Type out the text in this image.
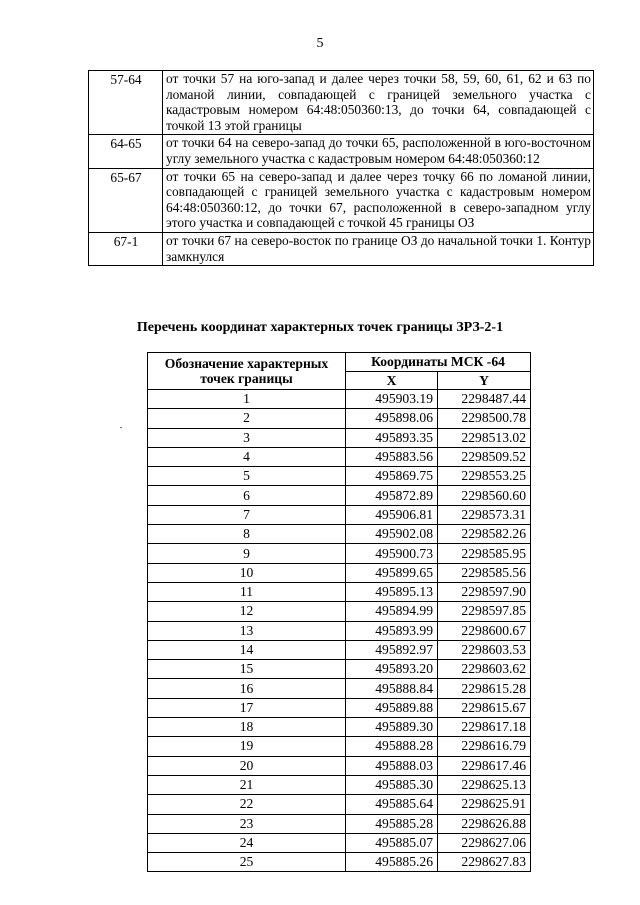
5
57-64	от точки 57 на юго-запад и далее через точки 58, 59, 60, 61, 62 и 63 по ломаной линии, совпадающей с границей земельного участка с кадастровым номером 64:48:050360:13, до точки 64, совпадающей с точкой 13 этой границы
64-65	от точки 64 на северо-запад до точки 65, расположенной в юго-восточном углу земельного участка с кадастровым номером 64:48:050360:12
65-67	от точки 65 на северо-запад и далее через точку 66 по ломаной линии, совпадающей с границей земельного участка с кадастровым номером 64:48:050360:12, до точки 67, расположенной в северо-западном углу этого участка и совпадающей с точкой 45 границы ОЗ
67-1	от точки 67 на северо-восток по границе ОЗ до начальной точки 1. Контур замкнулся
Перечень координат характерных точек границы ЗРЗ-2-1
Обозначение характерных точек границы	Координаты МСК -64	
	X	Y
1	495903.19	2298487.44
2	495898.06	2298500.78
3	495893.35	2298513.02
4	495883.56	2298509.52
5	495869.75	2298553.25
6	495872.89	2298560.60
7	495906.81	2298573.31
8	495902.08	2298582.26
9	495900.73	2298585.95
10	495899.65	2298585.56
11	495895.13	2298597.90
12	495894.99	2298597.85
13	495893.99	2298600.67
14	495892.97	2298603.53
15	495893.20	2298603.62
16	495888.84	2298615.28
17	495889.88	2298615.67
18	495889.30	2298617.18
19	495888.28	2298616.79
20	495888.03	2298617.46
21	495885.30	2298625.13
22	495885.64	2298625.91
23	495885.28	2298626.88
24	495885.07	2298627.06
25	495885.26	2298627.83
